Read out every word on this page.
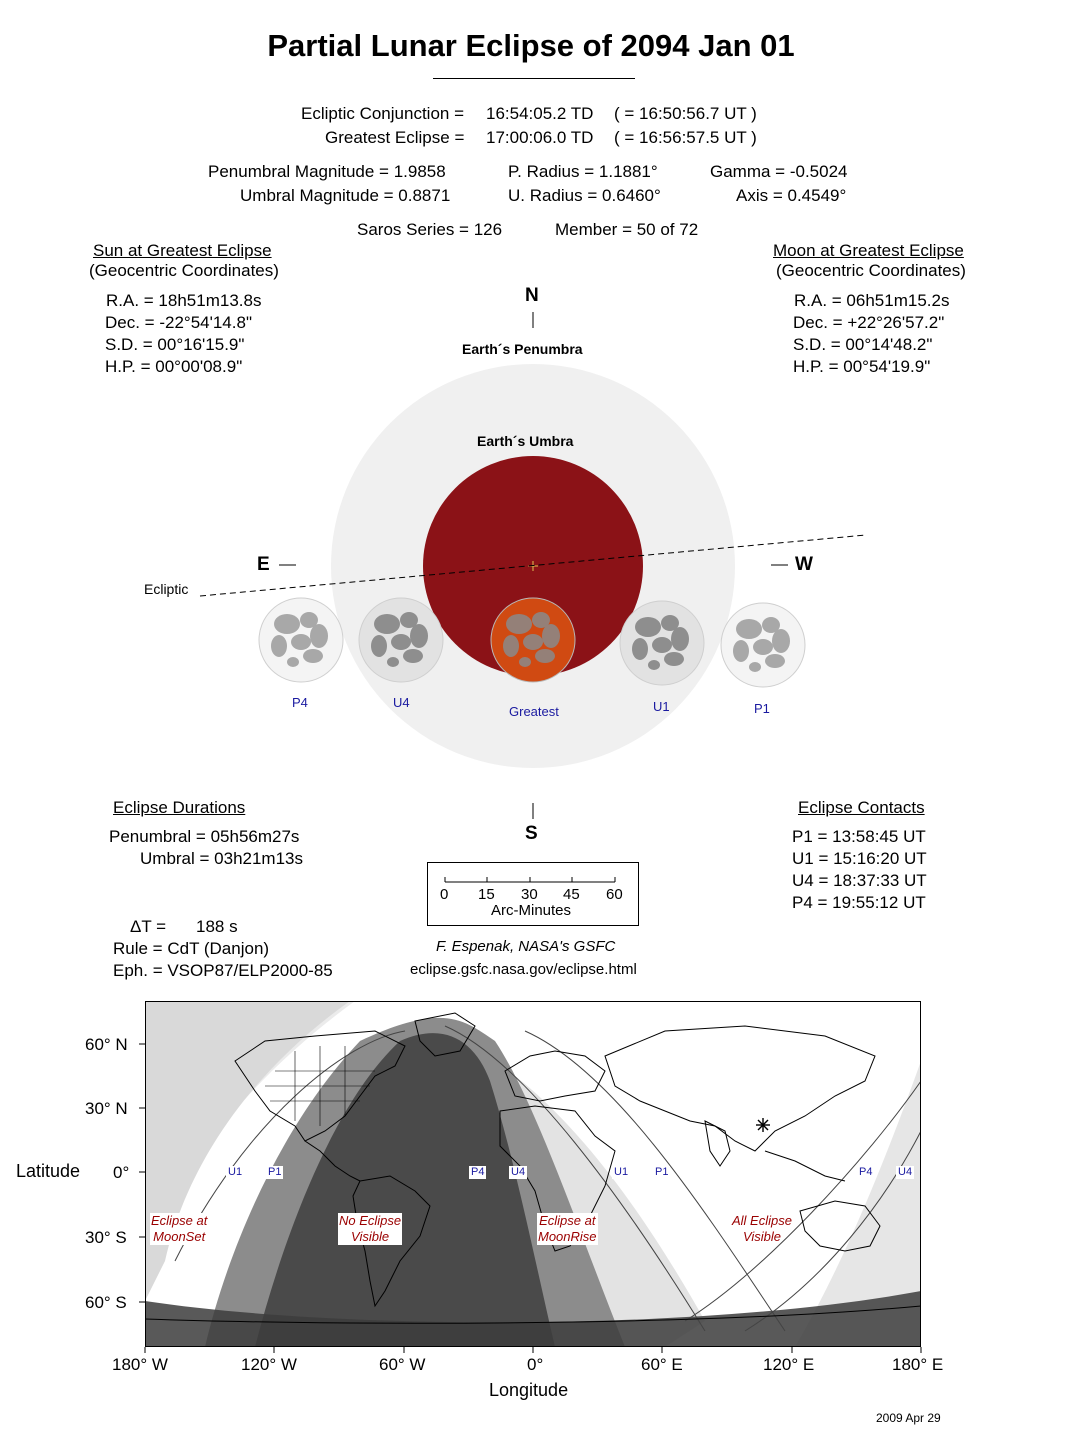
Partial Lunar Eclipse of 2094 Jan 01
Ecliptic Conjunction = 16:54:05.2 TD ( = 16:50:56.7 UT )
Greatest Eclipse = 17:00:06.0 TD ( = 16:56:57.5 UT )
Penumbral Magnitude = 1.9858
Umbral Magnitude = 0.8871
P. Radius = 1.1881°
U. Radius = 0.6460°
Gamma = -0.5024
Axis = 0.4549°
Saros Series = 126	Member = 50 of 72
Sun at Greatest Eclipse
(Geocentric Coordinates)
R.A. = 18h51m13.8s
Dec. = -22°54'14.8"
S.D. = 00°16'15.9"
H.P. = 00°00'08.9"
Moon at Greatest Eclipse
(Geocentric Coordinates)
R.A. = 06h51m15.2s
Dec. = +22°26'57.2"
S.D. = 00°14'48.2"
H.P. = 00°54'19.9"
N
S
E	W
Earth´s Penumbra
Earth´s Umbra
Ecliptic
P4	U4
Greatest	U1	P1
Eclipse Durations
Penumbral = 05h56m27s
Umbral = 03h21m13s
Eclipse Contacts
P1 = 13:58:45 UT
U1 = 15:16:20 UT
U4 = 18:37:33 UT
P4 = 19:55:12 UT
0 15 30 45 60
Arc-Minutes
F. Espenak, NASA's GSFC
eclipse.gsfc.nasa.gov/eclipse.html
ΔT = 188 s
Rule = CdT (Danjon)
Eph. = VSOP87/ELP2000-85
Latitude
Longitude
60° N
30° N
0°
30° S
60° S
180° W	120° W	60° W	0°	60° E	120° E	180° E
Eclipse at
MoonSet
No Eclipse
Visible
Eclipse at
MoonRise
All Eclipse
Visible
U1 P1	P4 U4	U1 P1	P4 U4
2009 Apr 29
